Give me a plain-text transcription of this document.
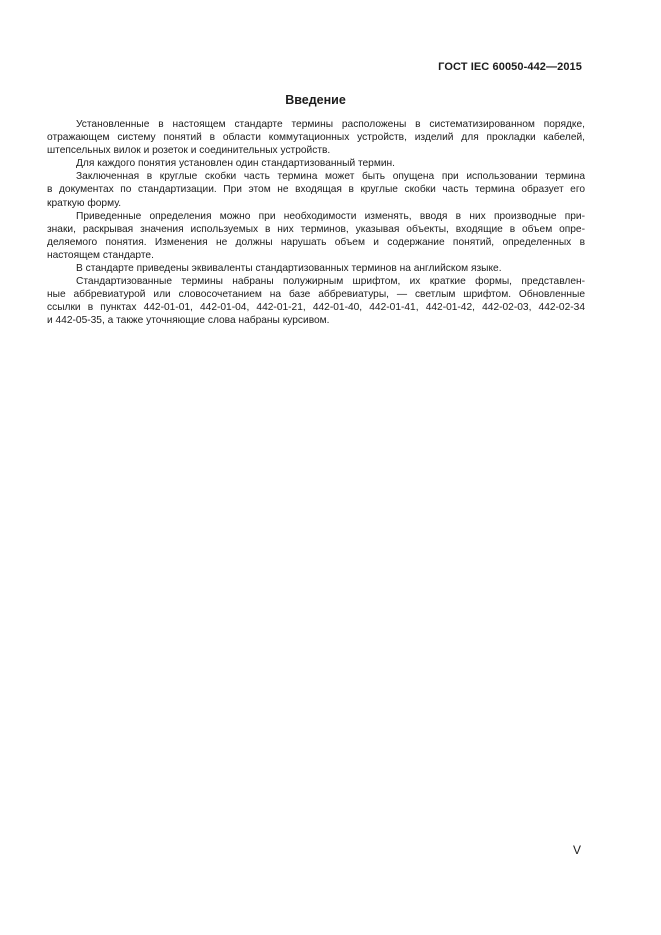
ГОСТ IEC 60050-442—2015
Введение
Установленные в настоящем стандарте термины расположены в систематизированном порядке,
отражающем систему понятий в области коммутационных устройств, изделий для прокладки кабелей,
штепсельных вилок и розеток и соединительных устройств.
Для каждого понятия установлен один стандартизованный термин.
Заключенная в круглые скобки часть термина может быть опущена при использовании термина
в документах по стандартизации. При этом не входящая в круглые скобки часть термина образует его
краткую форму.
Приведенные определения можно при необходимости изменять, вводя в них производные при-
знаки, раскрывая значения используемых в них терминов, указывая объекты, входящие в объем опре-
деляемого понятия. Изменения не должны нарушать объем и содержание понятий, определенных в
настоящем стандарте.
В стандарте приведены эквиваленты стандартизованных терминов на английском языке.
Стандартизованные термины набраны полужирным шрифтом, их краткие формы, представлен-
ные аббревиатурой или словосочетанием на базе аббревиатуры, — светлым шрифтом. Обновленные
ссылки в пунктах 442-01-01, 442-01-04, 442-01-21, 442-01-40, 442-01-41, 442-01-42, 442-02-03, 442-02-34
и 442-05-35, а также уточняющие слова набраны курсивом.
V
